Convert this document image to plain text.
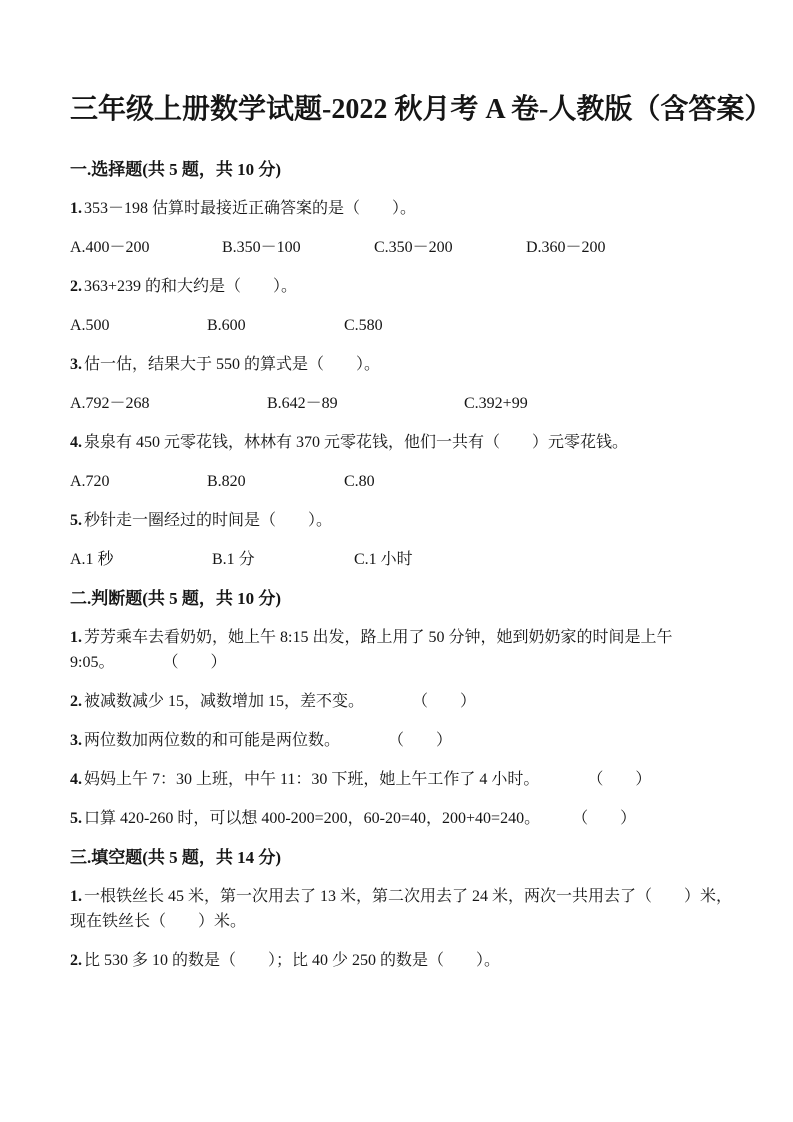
三年级上册数学试题-2022 秋月考 A 卷-人教版（含答案）
一.选择题(共 5 题，共 10 分)
1. 353－198 估算时最接近正确答案的是（　　）。
A.400－200	B.350－100	C.350－200	D.360－200
2. 363+239 的和大约是（　　）。
A.500	B.600	C.580
3. 估一估，结果大于 550 的算式是（　　）。
A.792－268	B.642－89	C.392+99
4. 泉泉有 450 元零花钱，林林有 370 元零花钱，他们一共有（　　）元零花钱。
A.720	B.820	C.80
5. 秒针走一圈经过的时间是（　　）。
A.1 秒	B.1 分	C.1 小时
二.判断题(共 5 题，共 10 分)
1. 芳芳乘车去看奶奶，她上午 8:15 出发，路上用了 50 分钟，她到奶奶家的时间是上午
9:05。　　　　（　　）
2. 被减数减少 15，减数增加 15，差不变。　　　　（　　）
3. 两位数加两位数的和可能是两位数。　　　　（　　）
4. 妈妈上午 7：30 上班，中午 11：30 下班，她上午工作了 4 小时。　　　　（　　）
5. 口算 420-260 时，可以想 400-200=200，60-20=40，200+40=240。　　　（　　）
三.填空题(共 5 题，共 14 分)
1. 一根铁丝长 45 米，第一次用去了 13 米，第二次用去了 24 米，两次一共用去了（　　）米，
现在铁丝长（　　）米。
2. 比 530 多 10 的数是（　　）；比 40 少 250 的数是（　　）。
